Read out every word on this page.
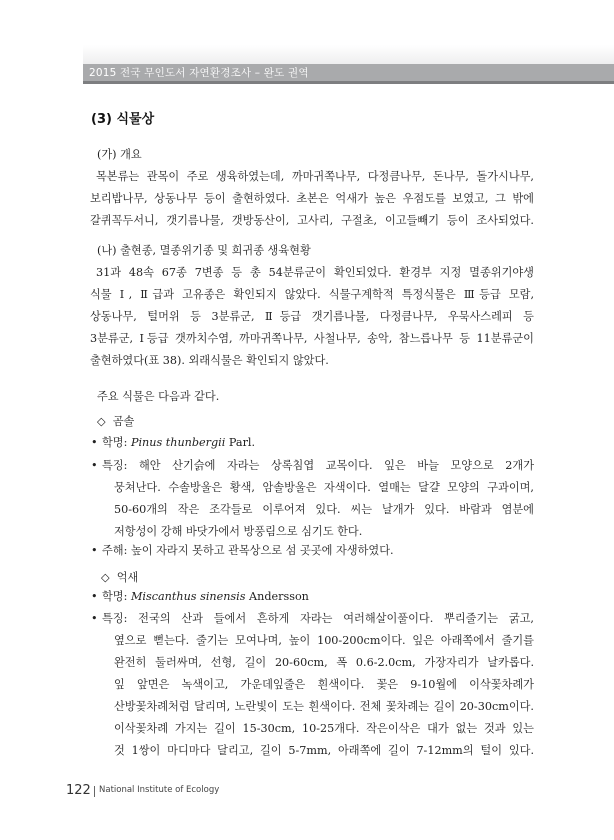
2015 전국 무인도서 자연환경조사 – 완도 권역
(3) 식물상
(가) 개요
목본류는 관목이 주로 생육하였는데, 까마귀쪽나무, 다정큼나무, 돈나무, 돌가시나무,
보리밥나무, 상동나무 등이 출현하였다. 초본은 억새가 높은 우점도를 보였고, 그 밖에
갈퀴꼭두서니, 갯기름나물, 갯방동산이, 고사리, 구절초, 이고들빼기 등이 조사되었다.
(나) 출현종, 멸종위기종 및 희귀종 생육현황
31과 48속 67종 7변종 등 총 54분류군이 확인되었다. 환경부 지정 멸종위기야생
식물 Ⅰ, Ⅱ급과 고유종은 확인되지 않았다. 식물구계학적 특정식물은 Ⅲ등급 모람,
상동나무, 털머위 등 3분류군, Ⅱ등급 갯기름나물, 다정큼나무, 우묵사스레피 등
3분류군, Ⅰ등급 갯까치수염, 까마귀쪽나무, 사철나무, 송악, 참느릅나무 등 11분류군이
출현하였다(표 38). 외래식물은 확인되지 않았다.
주요 식물은 다음과 같다.
◇ 곰솔
• 학명: Pinus thunbergii Parl.
• 특징: 해안 산기슭에 자라는 상록침엽 교목이다. 잎은 바늘 모양으로 2개가
뭉쳐난다. 수솔방울은 황색, 암솔방울은 자색이다. 열매는 달걀 모양의 구과이며,
50-60개의 작은 조각들로 이루어져 있다. 씨는 날개가 있다. 바람과 염분에
저항성이 강해 바닷가에서 방풍림으로 심기도 한다.
• 주해: 높이 자라지 못하고 관목상으로 섬 곳곳에 자생하였다.
◇ 억새
• 학명: Miscanthus sinensis Andersson
• 특징: 전국의 산과 들에서 흔하게 자라는 여러해살이풀이다. 뿌리줄기는 굵고,
옆으로 뻗는다. 줄기는 모여나며, 높이 100-200cm이다. 잎은 아래쪽에서 줄기를
완전히 둘러싸며, 선형, 길이 20-60cm, 폭 0.6-2.0cm, 가장자리가 날카롭다.
잎 앞면은 녹색이고, 가운데잎줄은 흰색이다. 꽃은 9-10월에 이삭꽃차례가
산방꽃차례처럼 달리며, 노란빛이 도는 흰색이다. 전체 꽃차례는 길이 20-30cm이다.
이삭꽃차례 가지는 길이 15-30cm, 10-25개다. 작은이삭은 대가 없는 것과 있는
것 1쌍이 마디마다 달리고, 길이 5-7mm, 아래쪽에 길이 7-12mm의 털이 있다.
122 National Institute of Ecology
